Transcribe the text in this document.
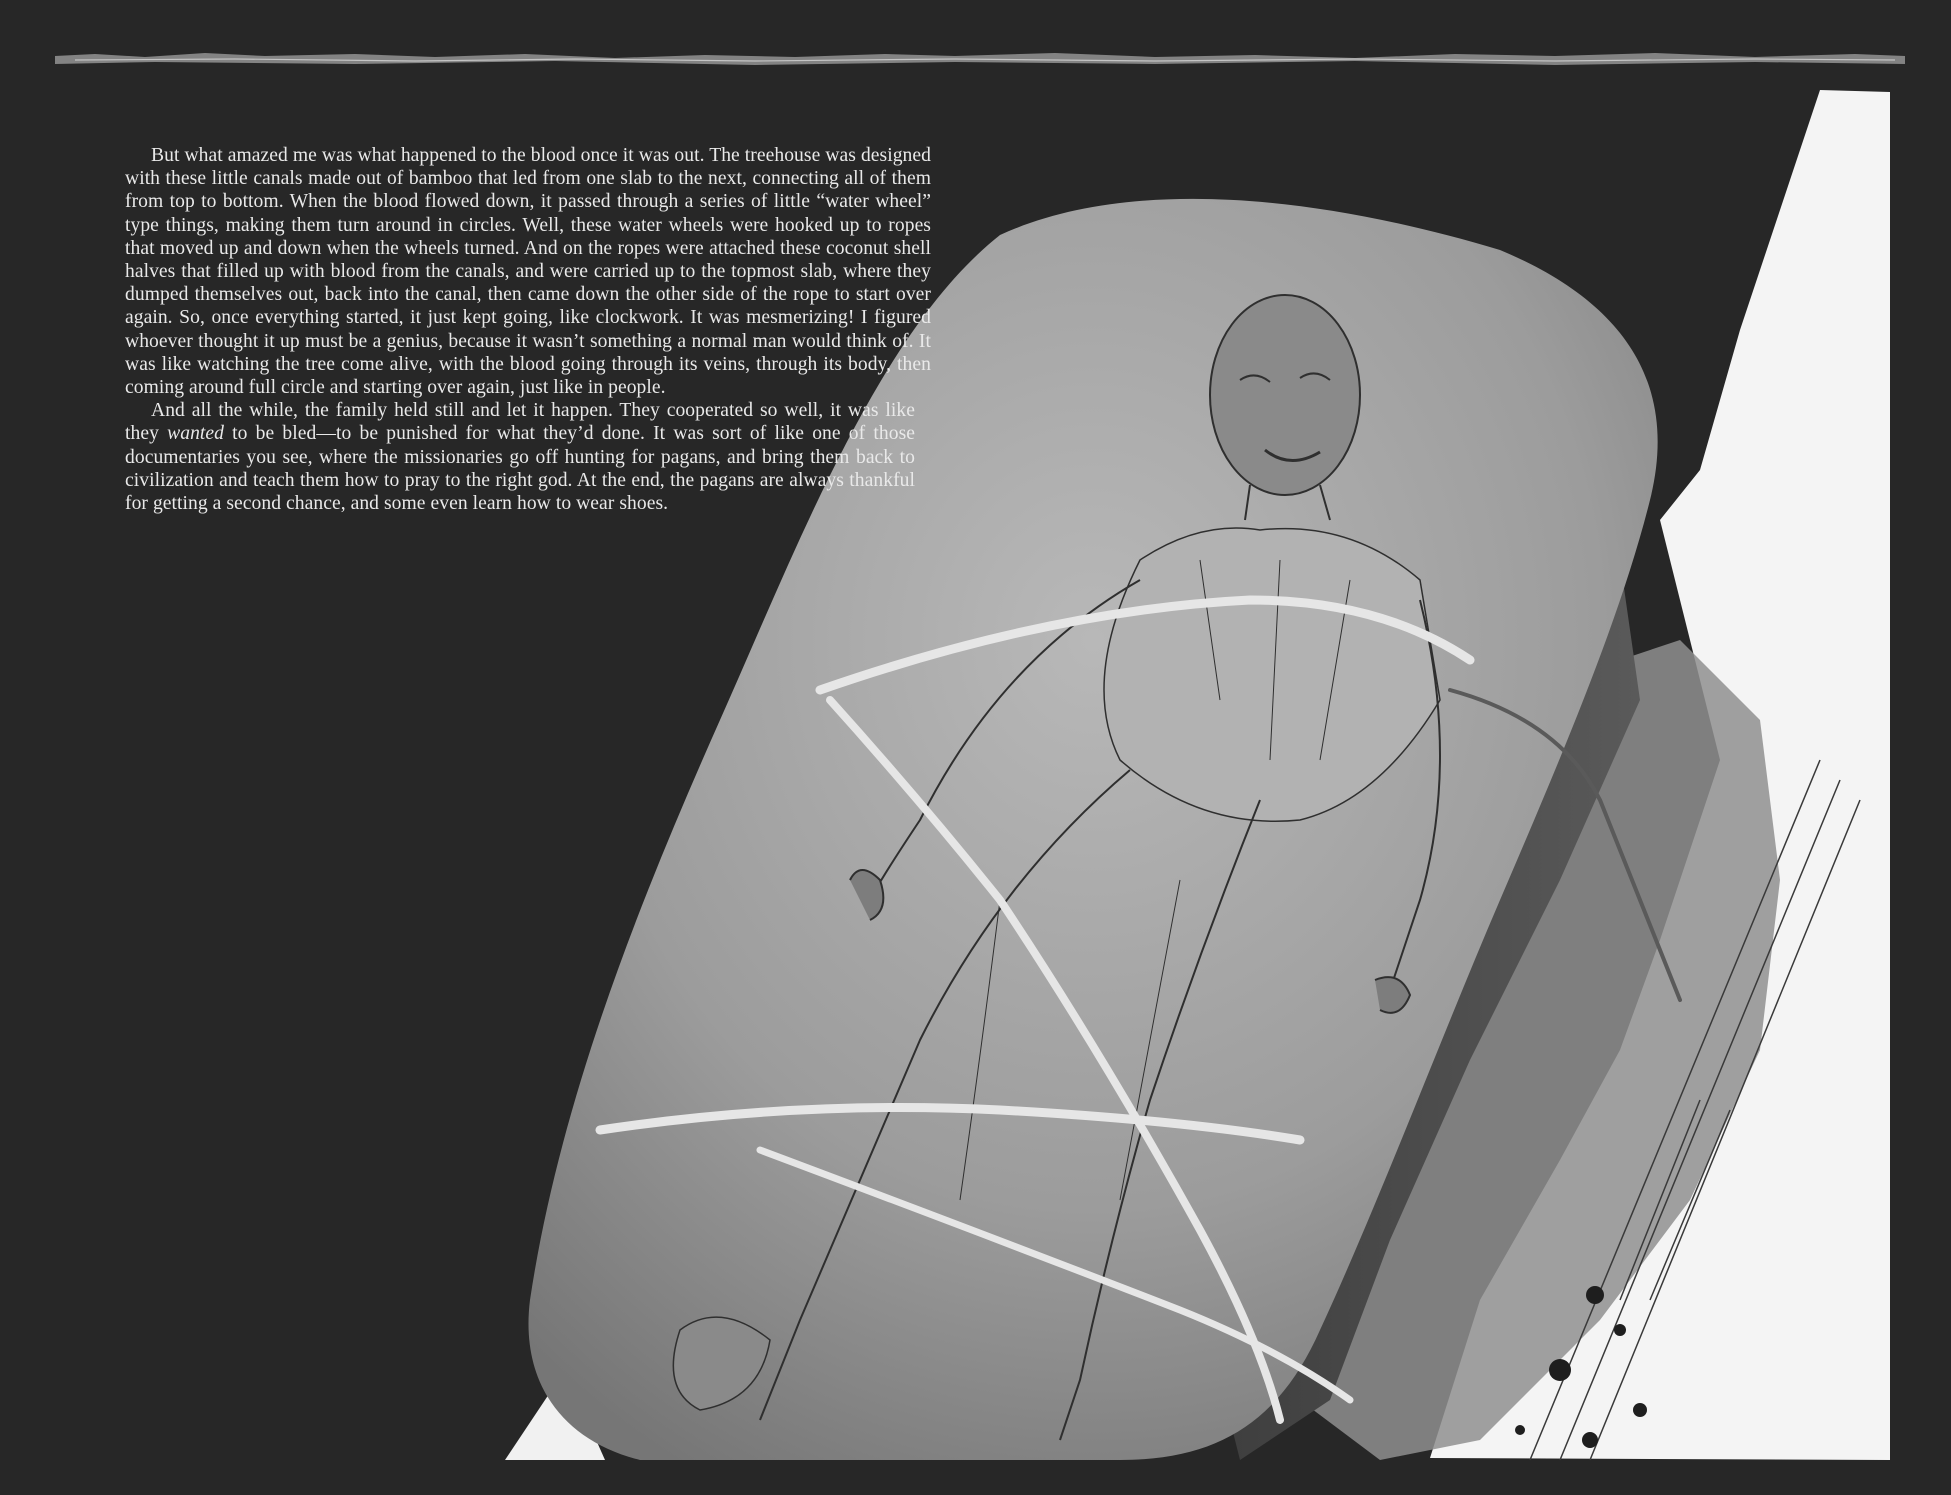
But what amazed me was what happened to the blood once it was out. The treehouse was designed with these little canals made out of bamboo that led from one slab to the next, connecting all of them from top to bottom. When the blood flowed down, it passed through a series of little “water wheel” type things, making them turn around in circles. Well, these water wheels were hooked up to ropes that moved up and down when the wheels turned. And on the ropes were attached these coconut shell halves that filled up with blood from the canals, and were carried up to the topmost slab, where they dumped themselves out, back into the canal, then came down the other side of the rope to start over again. So, once everything started, it just kept going, like clockwork. It was mesmerizing! I figured whoever thought it up must be a genius, because it wasn’t something a normal man would think of. It was like watching the tree come alive, with the blood going through its veins, through its body, then coming around full circle and starting over again, just like in people.

And all the while, the family held still and let it happen. They cooperated so well, it was like they wanted to be bled—to be punished for what they’d done. It was sort of like one of those documentaries you see, where the missionaries go off hunting for pagans, and bring them back to civilization and teach them how to pray to the right god. At the end, the pagans are always thankful for getting a second chance, and some even learn how to wear shoes.
